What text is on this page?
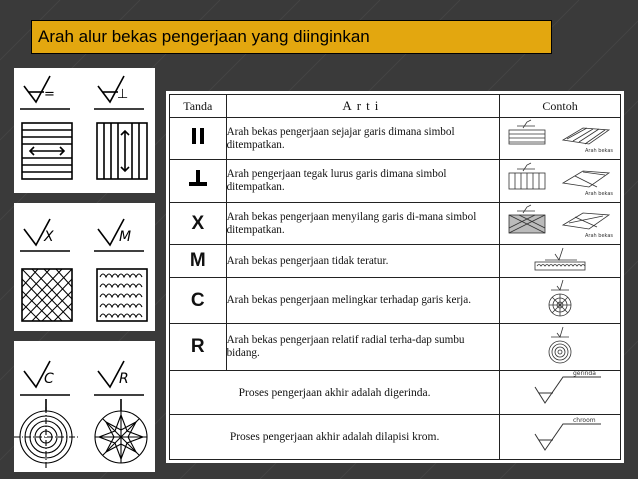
Arah alur bekas pengerjaan yang diinginkan
=	⊥
X	M
C	R
Tanda	Arti	Contoh
	Arah bekas pengerjaan sejajar garis dimana simbol ditempatkan.	Arah bekas

	Arah pengerjaan tegak lurus garis dimana simbol ditempatkan.	Arah bekas

X	Arah bekas pengerjaan menyilang garis di-mana simbol ditempatkan.	Arah bekas

M	Arah bekas pengerjaan tidak teratur.	
C	Arah bekas pengerjaan melingkar terhadap garis kerja.	
R	Arah bekas pengerjaan relatif radial terha-dap sumbu bidang.	
Proses pengerjaan akhir adalah digerinda.		gerinda

Proses pengerjaan akhir adalah dilapisi krom.		chroom
